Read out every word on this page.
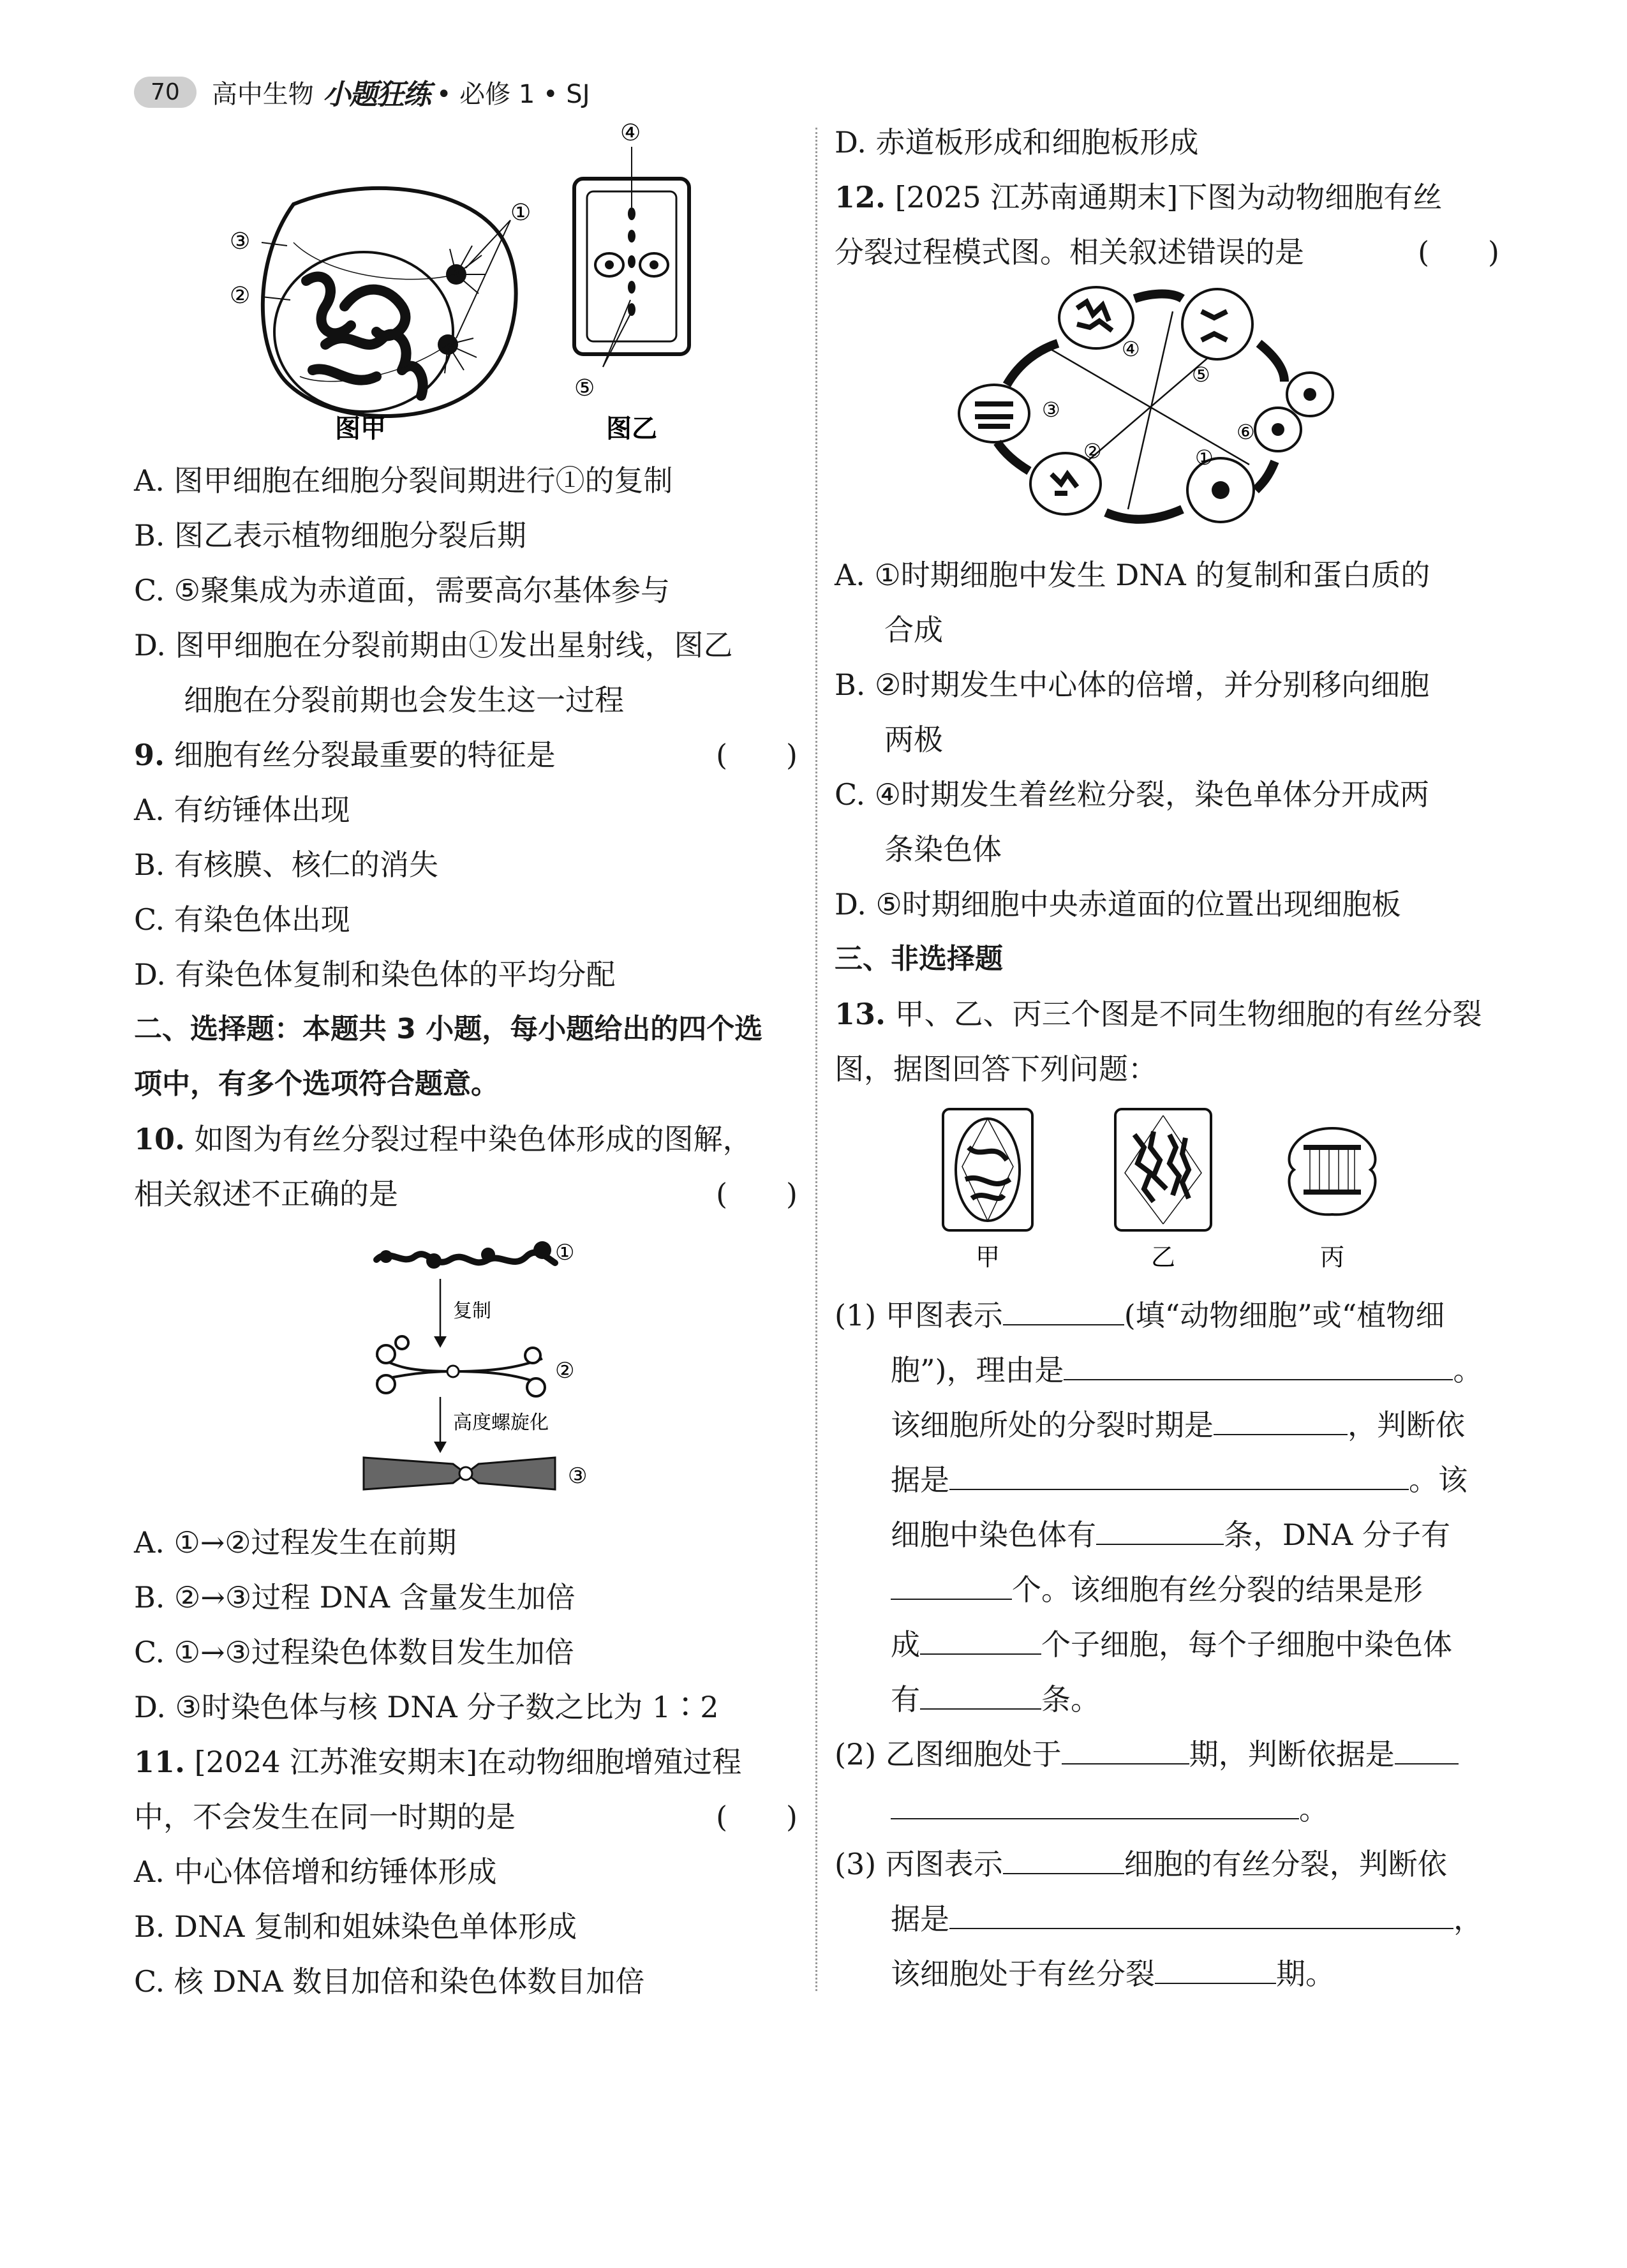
70	高中生物 小题狂练 • 必修 1 • SJ
①
③
②
④
⑤
图甲	图乙
A. 图甲细胞在细胞分裂间期进行①的复制
B. 图乙表示植物细胞分裂后期
C. ⑤聚集成为赤道面，需要高尔基体参与
D. 图甲细胞在分裂前期由①发出星射线，图乙
细胞在分裂前期也会发生这一过程
9. 细胞有丝分裂最重要的特征是	(　　)
A. 有纺锤体出现
B. 有核膜、核仁的消失
C. 有染色体出现
D. 有染色体复制和染色体的平均分配
二、选择题：本题共 3 小题，每小题给出的四个选
项中，有多个选项符合题意。
10. 如图为有丝分裂过程中染色体形成的图解，
相关叙述不正确的是	(　　)
①
复制
②
高度螺旋化
③
A. ①→②过程发生在前期
B. ②→③过程 DNA 含量发生加倍
C. ①→③过程染色体数目发生加倍
D. ③时染色体与核 DNA 分子数之比为 1∶2
11. [2024 江苏淮安期末]在动物细胞增殖过程
中，不会发生在同一时期的是	(　　)
A. 中心体倍增和纺锤体形成
B. DNA 复制和姐妹染色单体形成
C. 核 DNA 数目加倍和染色体数目加倍
D. 赤道板形成和细胞板形成
12. [2025 江苏南通期末]下图为动物细胞有丝
分裂过程模式图。相关叙述错误的是	(　　)
④
⑤
⑥
①
②
③
A. ①时期细胞中发生 DNA 的复制和蛋白质的
合成
B. ②时期发生中心体的倍增，并分别移向细胞
两极
C. ④时期发生着丝粒分裂，染色单体分开成两
条染色体
D. ⑤时期细胞中央赤道面的位置出现细胞板
三、非选择题
13. 甲、乙、丙三个图是不同生物细胞的有丝分裂
图，据图回答下列问题：
甲	乙	丙
(1) 甲图表示	(填“动物细胞”或“植物细
胞”)，理由是	。
该细胞所处的分裂时期是	，判断依
据是	。该
细胞中染色体有	条，DNA 分子有
个。该细胞有丝分裂的结果是形
成	个子细胞，每个子细胞中染色体
有	条。
(2) 乙图细胞处于	期，判断依据是
。
(3) 丙图表示	细胞的有丝分裂，判断依
据是	，
该细胞处于有丝分裂	期。
